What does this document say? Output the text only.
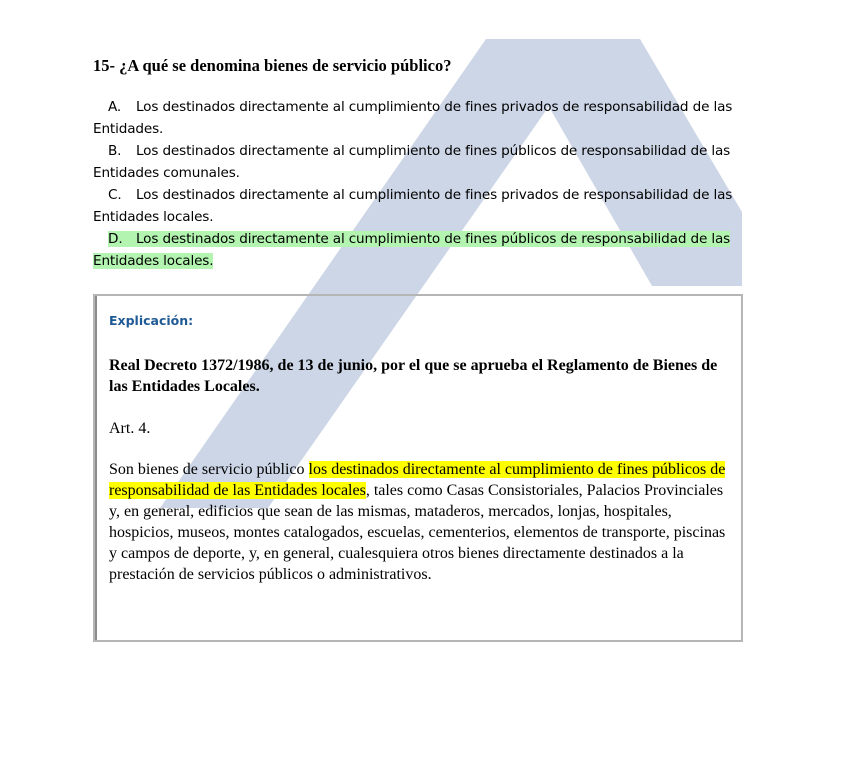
15- ¿A qué se denomina bienes de servicio público?

A. Los destinados directamente al cumplimiento de fines privados de responsabilidad de las Entidades.

B. Los destinados directamente al cumplimiento de fines públicos de responsabilidad de las Entidades comunales.

C. Los destinados directamente al cumplimiento de fines privados de responsabilidad de las Entidades locales.

D. Los destinados directamente al cumplimiento de fines públicos de responsabilidad de las Entidades locales.

Explicación:
Real Decreto 1372/1986, de 13 de junio, por el que se aprueba el Reglamento de Bienes de las Entidades Locales.
Art. 4.
Son bienes de servicio público los destinados directamente al cumplimiento de fines públicos de responsabilidad de las Entidades locales, tales como Casas Consistoriales, Palacios Provinciales y, en general, edificios que sean de las mismas, mataderos, mercados, lonjas, hospitales, hospicios, museos, montes catalogados, escuelas, cementerios, elementos de transporte, piscinas y campos de deporte, y, en general, cualesquiera otros bienes directamente destinados a la prestación de servicios públicos o administrativos.
